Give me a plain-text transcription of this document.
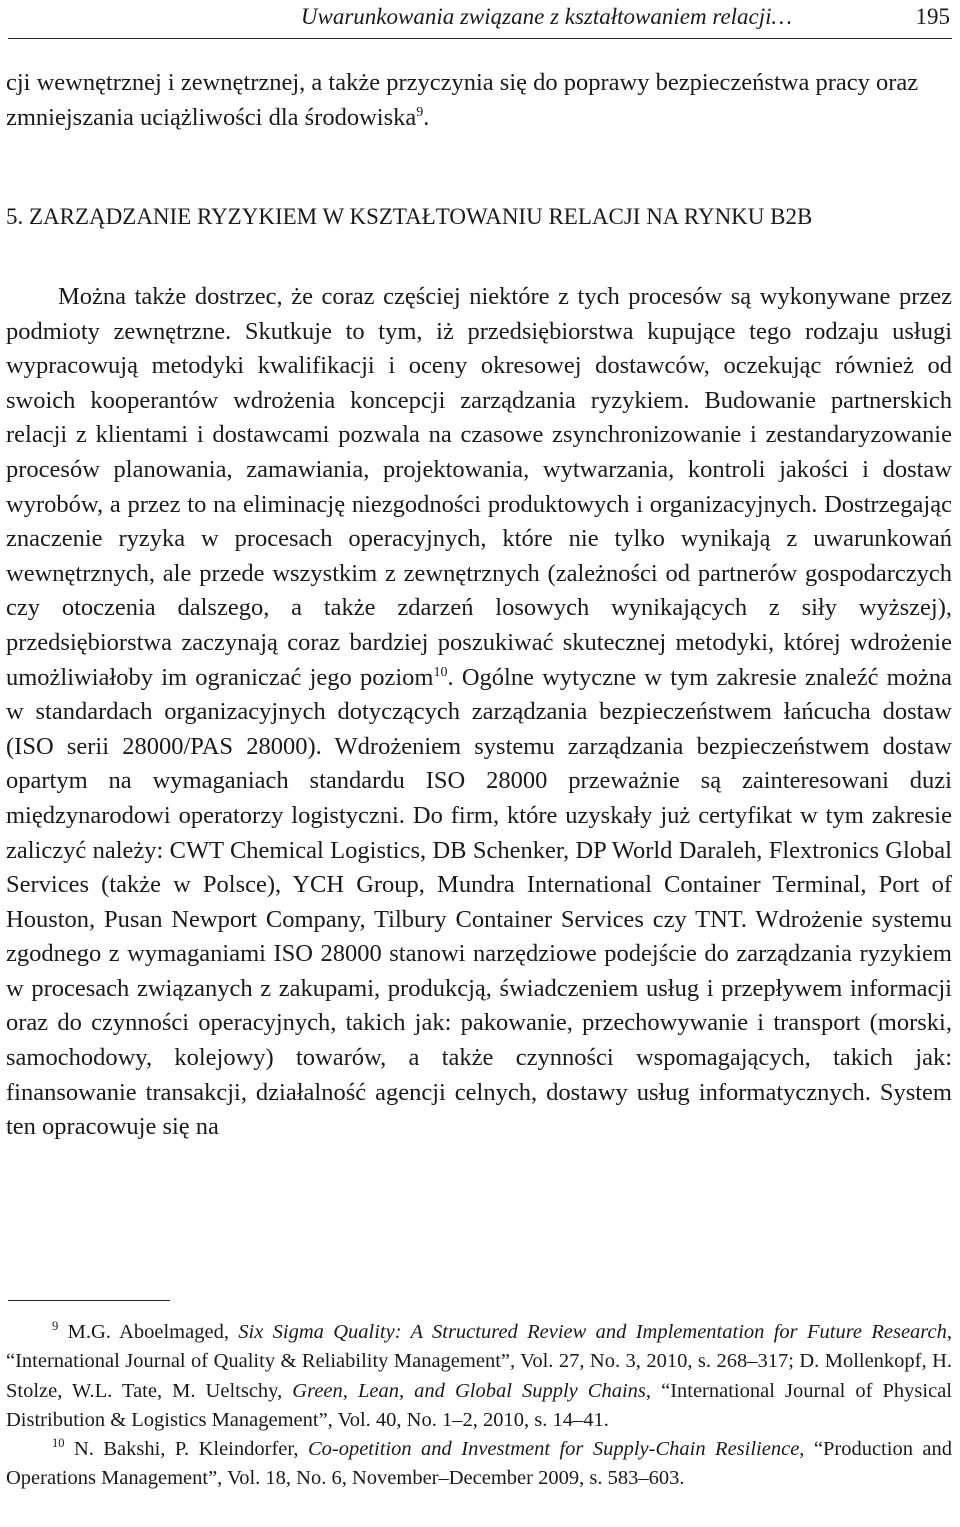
Uwarunkowania związane z kształtowaniem relacji…	195

cji wewnętrznej i zewnętrznej, a także przyczynia się do poprawy bezpieczeństwa pracy oraz zmniejszania uciążliwości dla środowiska$^9$.

5. ZARZĄDZANIE RYZYKIEM W KSZTAŁTOWANIU RELACJI NA RYNKU B2B

Można także dostrzec, że coraz częściej niektóre z tych procesów są wykonywane przez podmioty zewnętrzne. Skutkuje to tym, iż przedsiębiorstwa kupujące tego rodzaju usługi wypracowują metodyki kwalifikacji i oceny okresowej dostawców, oczekując również od swoich kooperantów wdrożenia koncepcji zarządzania ryzykiem. Budowanie partnerskich relacji z klientami i dostawcami pozwala na czasowe zsynchronizowanie i zestandaryzowanie procesów planowania, zamawiania, projektowania, wytwarzania, kontroli jakości i dostaw wyrobów, a przez to na eliminację niezgodności produktowych i organizacyjnych. Dostrzegając znaczenie ryzyka w procesach operacyjnych, które nie tylko wynikają z uwarunkowań wewnętrznych, ale przede wszystkim z zewnętrznych (zależności od partnerów gospodarczych czy otoczenia dalszego, a także zdarzeń losowych wynikających z siły wyższej), przedsiębiorstwa zaczynają coraz bardziej poszukiwać skutecznej metodyki, której wdrożenie umożliwiałoby im ograniczać jego poziom$^{10}$. Ogólne wytyczne w tym zakresie znaleźć można w standardach organizacyjnych dotyczących zarządzania bezpieczeństwem łańcucha dostaw (ISO serii 28000/PAS 28000). Wdrożeniem systemu zarządzania bezpieczeństwem dostaw opartym na wymaganiach standardu ISO 28000 przeważnie są zainteresowani duzi międzynarodowi operatorzy logistyczni. Do firm, które uzyskały już certyfikat w tym zakresie zaliczyć należy: CWT Chemical Logistics, DB Schenker, DP World Daraleh, Flextronics Global Services (także w Polsce), YCH Group, Mundra International Container Terminal, Port of Houston, Pusan Newport Company, Tilbury Container Services czy TNT. Wdrożenie systemu zgodnego z wymaganiami ISO 28000 stanowi narzędziowe podejście do zarządzania ryzykiem w procesach związanych z zakupami, produkcją, świadczeniem usług i przepływem informacji oraz do czynności operacyjnych, takich jak: pakowanie, przechowywanie i transport (morski, samochodowy, kolejowy) towarów, a także czynności wspomagających, takich jak: finansowanie transakcji, działalność agencji celnych, dostawy usług informatycznych. System ten opracowuje się na

$^9$ M.G. Aboelmaged, Six Sigma Quality: A Structured Review and Implementation for Future Research, “International Journal of Quality & Reliability Management”, Vol. 27, No. 3, 2010, s. 268–317; D. Mollenkopf, H. Stolze, W.L. Tate, M. Ueltschy, Green, Lean, and Global Supply Chains, “International Journal of Physical Distribution & Logistics Management”, Vol. 40, No. 1–2, 2010, s. 14–41.

$^{10}$ N. Bakshi, P. Kleindorfer, Co-opetition and Investment for Supply-Chain Resilience, “Production and Operations Management”, Vol. 18, No. 6, November–December 2009, s. 583–603.
